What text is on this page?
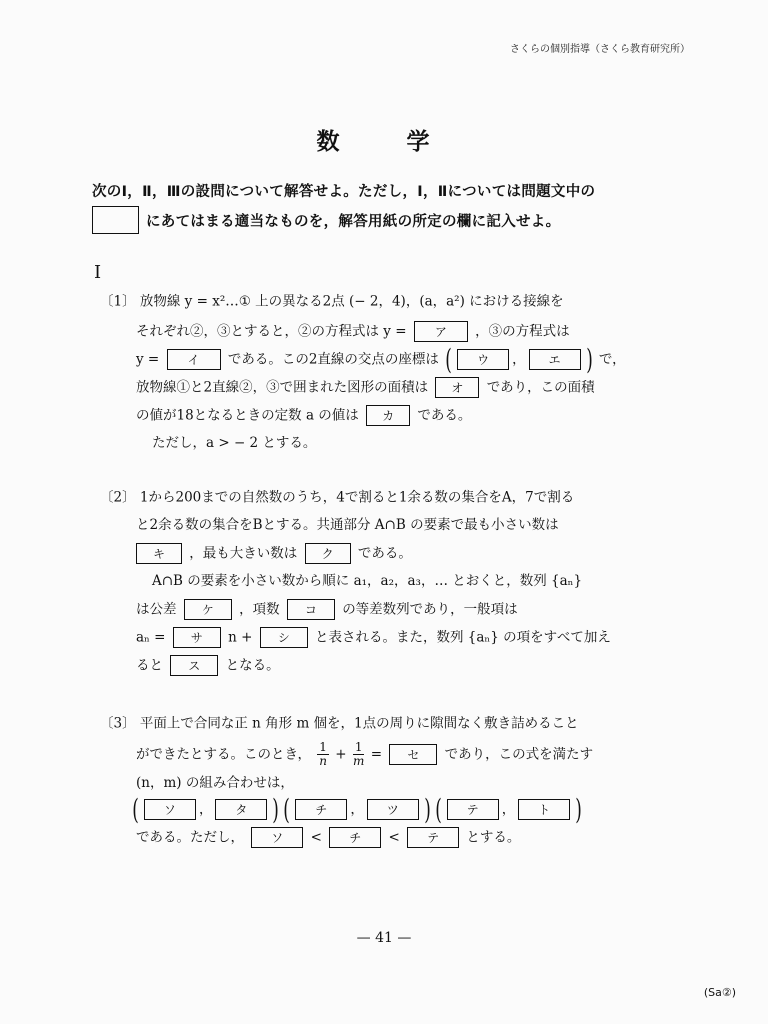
さくらの個別指導（さくら教育研究所）
数　学
次のⅠ，Ⅱ，Ⅲの設問について解答せよ。ただし，Ⅰ，Ⅱについては問題文中の
にあてはまる適当なものを，解答用紙の所定の欄に記入せよ。
Ⅰ
〔1〕 放物線 y = x²…① 上の異なる2点 (− 2，4)，(a，a²) における接線を
それぞれ②，③とすると，②の方程式は y = ア ，③の方程式は
y = イ である。この2直線の交点の座標は ( ウ ， エ ) で，
放物線①と2直線②，③で囲まれた図形の面積は オ であり，この面積
の値が18となるときの定数 a の値は カ である。
ただし，a > − 2 とする。
〔2〕 1から200までの自然数のうち，4で割ると1余る数の集合をA，7で割る
と2余る数の集合をBとする。共通部分 A∩B の要素で最も小さい数は
キ ，最も大きい数は ク である。
A∩B の要素を小さい数から順に a₁，a₂，a₃，… とおくと，数列 {aₙ}
は公差 ケ ，項数 コ の等差数列であり，一般項は
aₙ = サ n + シ と表される。また，数列 {aₙ} の項をすべて加え
ると ス となる。
〔3〕 平面上で合同な正 n 角形 m 個を，1点の周りに隙間なく敷き詰めること
ができたとする。このとき， $\frac{1}{n} + \frac{1}{m}$ = セ であり，この式を満たす
(n，m) の組み合わせは，
( ソ ， タ ) ( チ ， ツ ) ( テ ， ト )
である。ただし， ソ < チ < テ とする。
— 41 —
(Sa②)
